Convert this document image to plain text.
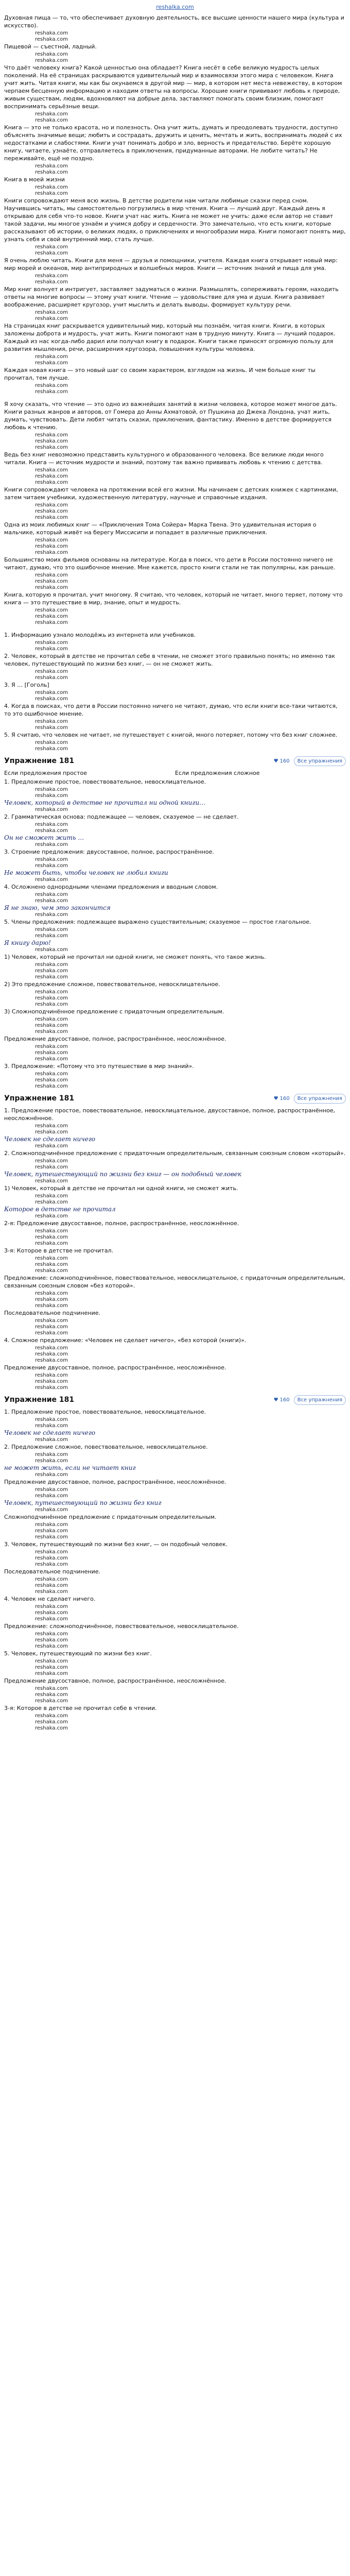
reshalka.com

Духовная пища — то, что обеспечивает духовную деятельность, все высшие ценности нашего мира (культура и искусство).

reshaka.com
reshaka.com

Пищевой — съестной, ладный.

reshaka.com
reshaka.com

Что даёт человеку книга? Какой ценностью она обладает? Книга несёт в себе великую мудрость целых поколений. На её страницах раскрываются удивительный мир и взаимосвязи этого мира с человеком. Книга учит жить. Читая книги, мы как бы окунаемся в другой мир — мир, в котором нет места невежеству, в котором черпаем бесценную информацию и находим ответы на вопросы. Хорошие книги прививают любовь к природе, живым существам, людям, вдохновляют на добрые дела, заставляют помогать своим близким, помогают воспринимать серьёзные вещи.

reshaka.com
reshaka.com

Книга — это не только красота, но и полезность. Она учит жить, думать и преодолевать трудности, доступно объяснять значимые вещи; любить и сострадать, дружить и ценить, мечтать и жить, воспринимать людей с их недостатками и слабостями. Книги учат понимать добро и зло, верность и предательство. Берёте хорошую книгу, читаете, узнаёте, отправляетесь в приключения, придуманные авторами. Не любите читать? Не переживайте, ещё не поздно.

reshaka.com
reshaka.com

Книга в моей жизни

reshaka.com
reshaka.com

Книги сопровождают меня всю жизнь. В детстве родители нам читали любимые сказки перед сном. Научившись читать, мы самостоятельно погрузились в мир чтения. Книга — лучший друг. Каждый день я открываю для себя что-то новое. Книги учат нас жить. Книга не может не учить: даже если автор не ставит такой задачи, мы многое узнаём и учимся добру и сердечности. Это замечательно, что есть книги, которые рассказывают об истории, о великих людях, о приключениях и многообразии мира. Книги помогают понять мир, узнать себя и свой внутренний мир, стать лучше.

reshaka.com
reshaka.com

Я очень люблю читать. Книги для меня — друзья и помощники, учителя. Каждая книга открывает новый мир: мир морей и океанов, мир антиприродных и волшебных миров. Книги — источник знаний и пища для ума.

reshaka.com
reshaka.com

Мир книг волнует и интригует, заставляет задуматься о жизни. Размышлять, сопереживать героям, находить ответы на многие вопросы — этому учат книги. Чтение — удовольствие для ума и души. Книга развивает воображение, расширяет кругозор, учит мыслить и делать выводы, формирует культуру речи.

reshaka.com
reshaka.com

На страницах книг раскрывается удивительный мир, который мы познаём, читая книги. Книги, в которых заложены доброта и мудрость, учат жить. Книги помогают нам в трудную минуту. Книга — лучший подарок. Каждый из нас когда-либо дарил или получал книгу в подарок. Книги также приносят огромную пользу для развития мышления, речи, расширения кругозора, повышения культуры человека.

reshaka.com
reshaka.com

Каждая новая книга — это новый шаг со своим характером, взглядом на жизнь. И чем больше книг ты прочитал, тем лучше.

reshaka.com
reshaka.com

Я хочу сказать, что чтение — это одно из важнейших занятий в жизни человека, которое может многое дать. Книги разных жанров и авторов, от Гомера до Анны Ахматовой, от Пушкина до Джека Лондона, учат жить, думать, чувствовать. Дети любят читать сказки, приключения, фантастику. Именно в детстве формируется любовь к чтению.

reshaka.com
reshaka.com
reshaka.com

Ведь без книг невозможно представить культурного и образованного человека. Все великие люди много читали. Книга — источник мудрости и знаний, поэтому так важно прививать любовь к чтению с детства.

reshaka.com
reshaka.com
reshaka.com

Книги сопровождают человека на протяжении всей его жизни. Мы начинаем с детских книжек с картинками, затем читаем учебники, художественную литературу, научные и справочные издания.

reshaka.com
reshaka.com
reshaka.com

Одна из моих любимых книг — «Приключения Тома Сойера» Марка Твена. Это удивительная история о мальчике, который живёт на берегу Миссисипи и попадает в различные приключения.

reshaka.com
reshaka.com
reshaka.com

Большинство моих фильмов основаны на литературе. Когда в поиск, что дети в России постоянно ничего не читают, думаю, что это ошибочное мнение. Мне кажется, просто книги стали не так популярны, как раньше.

reshaka.com
reshaka.com
reshaka.com

Книга, которую я прочитал, учит многому. Я считаю, что человек, который не читает, много теряет, потому что книга — это путешествие в мир, знание, опыт и мудрость.

reshaka.com
reshaka.com
reshaka.com

1. Информацию узнало молодёжь из интернета или учебников.

reshaka.com
reshaka.com

2. Человек, который в детстве не прочитал себе в чтении, не сможет этого правильно понять; но именно так человек, путешествующий по жизни без книг, — он не сможет жить.

reshaka.com
reshaka.com

3. Я … [Гоголь]

reshaka.com
reshaka.com

4. Когда в поисках, что дети в России постоянно ничего не читают, думаю, что если книги все-таки читаются, то это ошибочное мнение.

reshaka.com
reshaka.com

5. Я считаю, что человек не читает, не путешествует с книгой, много потеряет, потому что без книг сложнее.

reshaka.com
reshaka.com
Упражнение 181	♥ 160	Все упражнения
Если предложения простое	Если предложения сложное

1. Предложение простое, повествовательное, невосклицательное.

reshaka.com
reshaka.com
Человек, который в детстве не прочитал ни одной книги…
reshaka.com

2. Грамматическая основа: подлежащее — человек, сказуемое — не сделает.

reshaka.com
reshaka.com
Он не сможет жить …
reshaka.com

3. Строение предложения: двусоставное, полное, распространённое.

reshaka.com
reshaka.com
Не может быть, чтобы человек не любил книги
reshaka.com

4. Осложнено однородными членами предложения и вводным словом.

reshaka.com
reshaka.com
Я не знаю, чем это закончится
reshaka.com

5. Члены предложения: подлежащее выражено существительным; сказуемое — простое глагольное.

reshaka.com
reshaka.com
Я книгу дарю!
reshaka.com

1) Человек, который не прочитал ни одной книги, не сможет понять, что такое жизнь.

reshaka.com
reshaka.com
reshaka.com

2) Это предложение сложное, повествовательное, невосклицательное.

reshaka.com
reshaka.com
reshaka.com

3) Сложноподчинённое предложение с придаточным определительным.

reshaka.com
reshaka.com
reshaka.com

Предложение двусоставное, полное, распространённое, неосложнённое.

reshaka.com
reshaka.com
reshaka.com

3. Предложение: «Потому что это путешествие в мир знаний».

reshaka.com
reshaka.com
reshaka.com
Упражнение 181	♥ 160	Все упражнения

1. Предложение простое, повествовательное, невосклицательное, двусоставное, полное, распространённое, неосложнённое.

reshaka.com
reshaka.com
Человек не сделает ничего
reshaka.com

2. Сложноподчинённое предложение с придаточным определительным, связанным союзным словом «который».

reshaka.com
reshaka.com
Человек, путешествующий по жизни без книг — он подобный человек
reshaka.com

1) Человек, который в детстве не прочитал ни одной книги, не сможет жить.

reshaka.com
reshaka.com
Которое в детстве не прочитал
reshaka.com

2-я: Предложение двусоставное, полное, распространённое, неосложнённое.

reshaka.com
reshaka.com
reshaka.com

3-я: Которое в детстве не прочитал.

reshaka.com
reshaka.com
reshaka.com

Предложение: сложноподчинённое, повествовательное, невосклицательное, с придаточным определительным, связанным союзным словом «без которой».

reshaka.com
reshaka.com
reshaka.com

Последовательное подчинение.

reshaka.com
reshaka.com
reshaka.com

4. Сложное предложение: «Человек не сделает ничего», «без которой (книги)».

reshaka.com
reshaka.com
reshaka.com

Предложение двусоставное, полное, распространённое, неосложнённое.

reshaka.com
reshaka.com
reshaka.com
Упражнение 181	♥ 160	Все упражнения

1. Предложение простое, повествовательное, невосклицательное.

reshaka.com
reshaka.com
Человек не сделает ничего
reshaka.com

2. Предложение сложное, повествовательное, невосклицательное.

reshaka.com
reshaka.com
не может жить, если не читает книг
reshaka.com

Предложение двусоставное, полное, распространённое, неосложнённое.

reshaka.com
reshaka.com
Человек, путешествующий по жизни без книг
reshaka.com

Сложноподчинённое предложение с придаточным определительным.

reshaka.com
reshaka.com
reshaka.com

3. Человек, путешествующий по жизни без книг, — он подобный человек.

reshaka.com
reshaka.com
reshaka.com

Последовательное подчинение.

reshaka.com
reshaka.com
reshaka.com

4. Человек не сделает ничего.

reshaka.com
reshaka.com
reshaka.com

Предложение: сложноподчинённое, повествовательное, невосклицательное.

reshaka.com
reshaka.com
reshaka.com

5. Человек, путешествующий по жизни без книг.

reshaka.com
reshaka.com
reshaka.com

Предложение двусоставное, полное, распространённое, неосложнённое.

reshaka.com
reshaka.com
reshaka.com

3-я: Которое в детстве не прочитал себе в чтении.

reshaka.com
reshaka.com
reshaka.com
